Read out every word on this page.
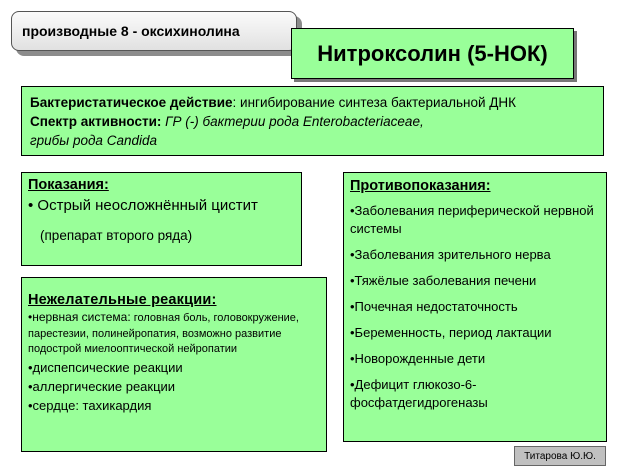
производные 8 - оксихинолина
Нитроксолин (5-НОК)
Бактеристатическое действие: ингибирование синтеза бактериальной ДНК
Спектр активности: ГР (-) бактерии рода Enterobacteriaceae,
грибы рода Candida

Показания:

• Острый неосложнённый цистит
(препарат второго ряда)

Противопоказания:

•Заболевания периферической нервной системы
•Заболевания зрительного нерва
•Тяжёлые заболевания печени
•Почечная недостаточность
•Беременность, период лактации
•Новорожденные дети
•Дефицит глюкозо-6-фосфатдегидрогеназы

Нежелательные реакции:

•нервная система: головная боль, головокружение, парестезии, полинейропатия, возможно развитие подострой миелооптической нейропатии
•диспепсические реакции
•аллергические реакции
•сердце: тахикардия
Титарова Ю.Ю.
